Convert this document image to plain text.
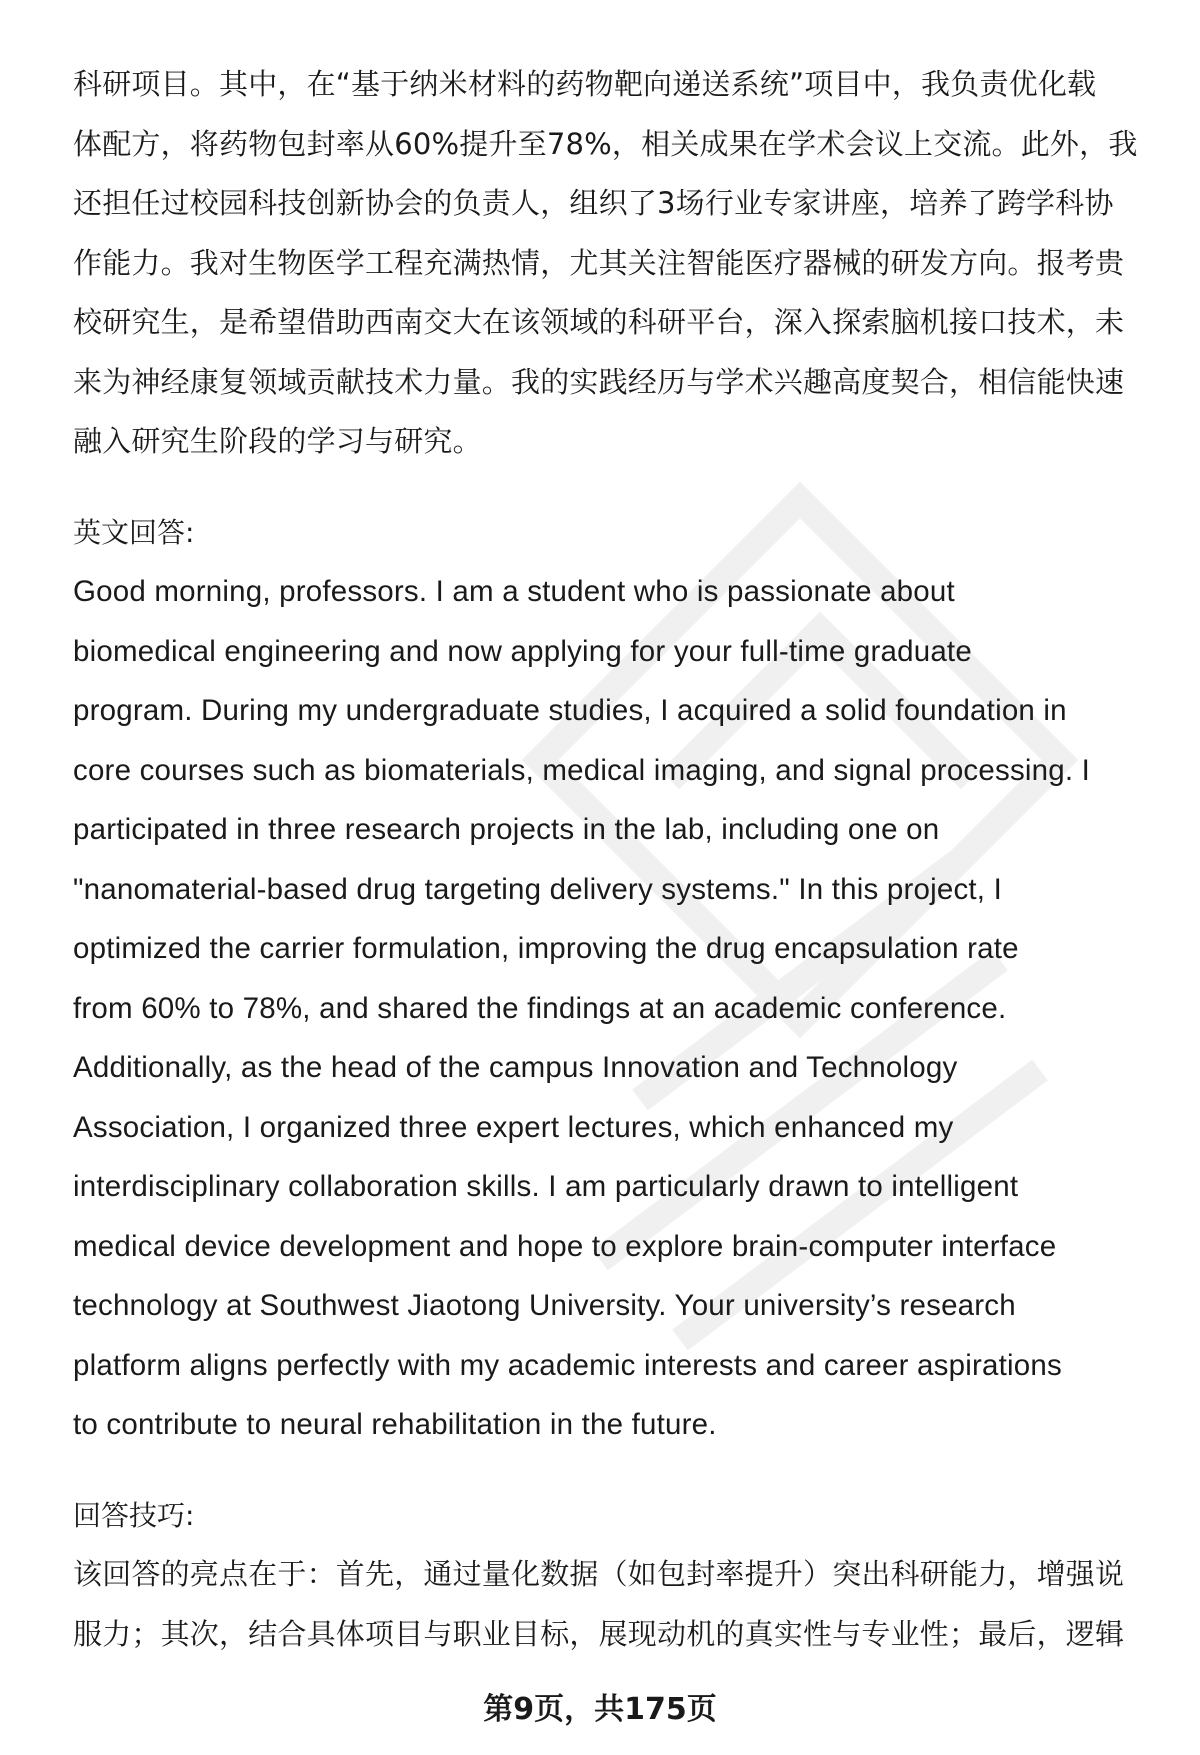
科研项目。其中，在“基于纳米材料的药物靶向递送系统”项目中，我负责优化载
体配方，将药物包封率从60%提升至78%，相关成果在学术会议上交流。此外，我
还担任过校园科技创新协会的负责人，组织了3场行业专家讲座，培养了跨学科协
作能力。我对生物医学工程充满热情，尤其关注智能医疗器械的研发方向。报考贵
校研究生，是希望借助西南交大在该领域的科研平台，深入探索脑机接口技术，未
来为神经康复领域贡献技术力量。我的实践经历与学术兴趣高度契合，相信能快速
融入研究生阶段的学习与研究。
英文回答:
Good morning, professors. I am a student who is passionate about
biomedical engineering and now applying for your full-time graduate
program. During my undergraduate studies, I acquired a solid foundation in
core courses such as biomaterials, medical imaging, and signal processing. I
participated in three research projects in the lab, including one on
"nanomaterial-based drug targeting delivery systems." In this project, I
optimized the carrier formulation, improving the drug encapsulation rate
from 60% to 78%, and shared the findings at an academic conference.
Additionally, as the head of the campus Innovation and Technology
Association, I organized three expert lectures, which enhanced my
interdisciplinary collaboration skills. I am particularly drawn to intelligent
medical device development and hope to explore brain-computer interface
technology at Southwest Jiaotong University. Your university’s research
platform aligns perfectly with my academic interests and career aspirations
to contribute to neural rehabilitation in the future.
回答技巧:
该回答的亮点在于：首先，通过量化数据（如包封率提升）突出科研能力，增强说
服力；其次，结合具体项目与职业目标，展现动机的真实性与专业性；最后，逻辑
第9页，共175页
